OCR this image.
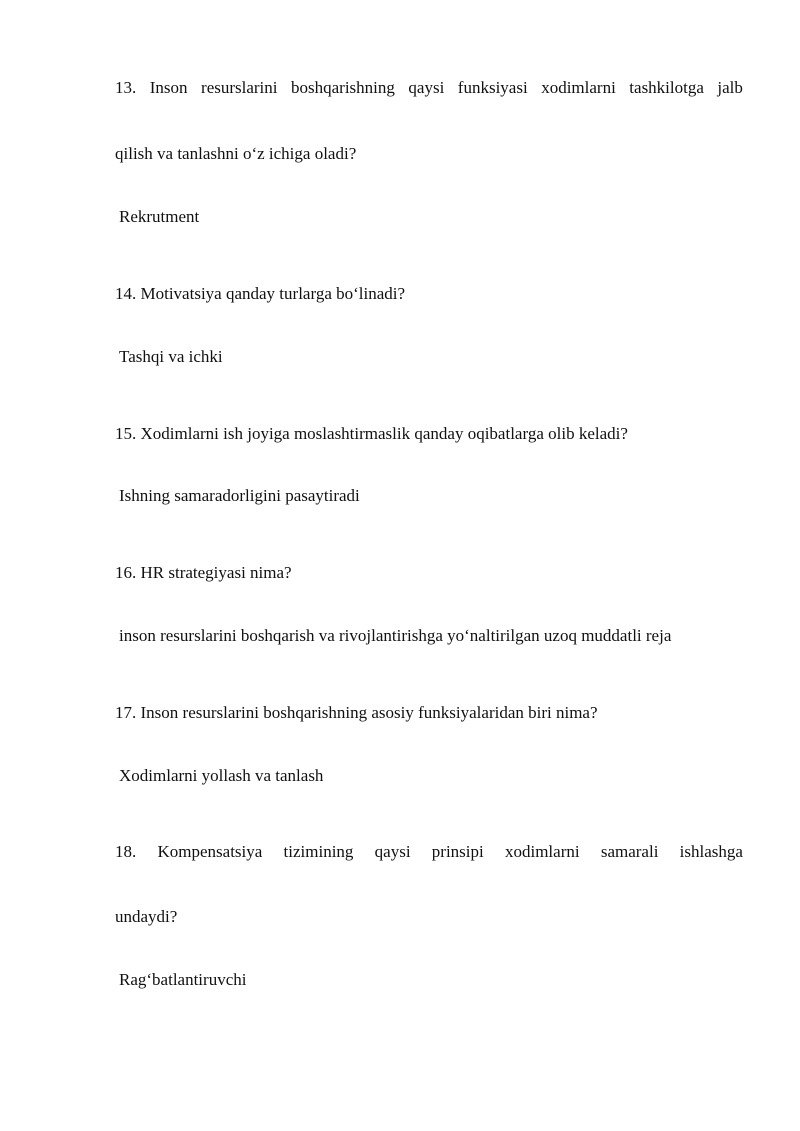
13. Inson resurslarini boshqarishning qaysi funksiyasi xodimlarni tashkilotga jalb
qilish va tanlashni o‘z ichiga oladi?
Rekrutment
14. Motivatsiya qanday turlarga bo‘linadi?
Tashqi va ichki
15. Xodimlarni ish joyiga moslashtirmaslik qanday oqibatlarga olib keladi?
Ishning samaradorligini pasaytiradi
16. HR strategiyasi nima?
inson resurslarini boshqarish va rivojlantirishga yo‘naltirilgan uzoq muddatli reja
17. Inson resurslarini boshqarishning asosiy funksiyalaridan biri nima?
Xodimlarni yollash va tanlash
18. Kompensatsiya tizimining qaysi prinsipi xodimlarni samarali ishlashga
undaydi?
Rag‘batlantiruvchi
